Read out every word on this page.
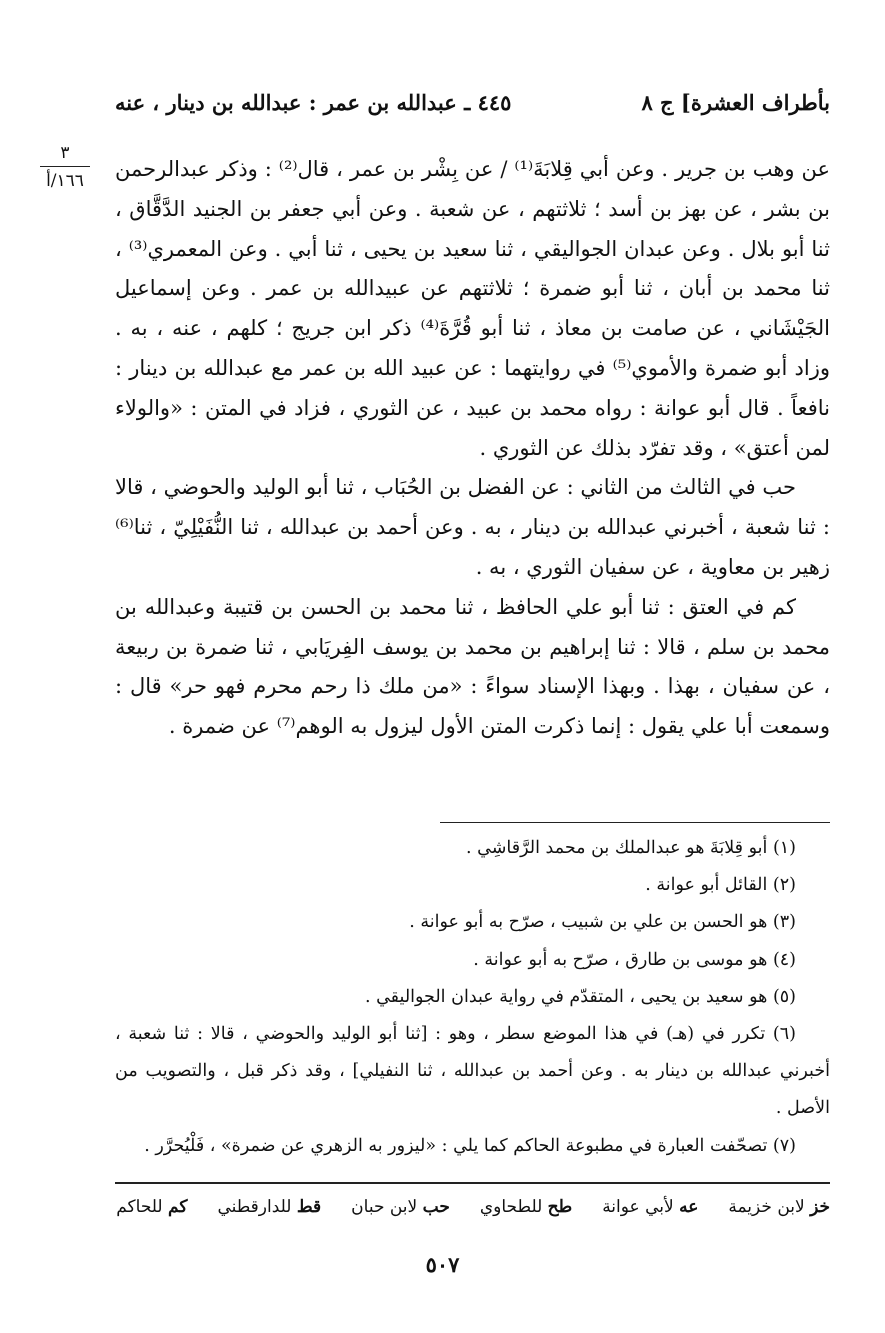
بأطراف العشرة] ج ٨
٤٤٥ ـ عبدالله بن عمر : عبدالله بن دينار ، عنه
٣
١٦٦/أ	عن وهب بن جرير . وعن أبي قِلابَةَ⁽¹⁾ / عن بِشْر بن عمر ، قال⁽²⁾ : وذكر عبدالرحمن بن بشر ، عن بهز بن أسد ؛ ثلاثتهم ، عن شعبة . وعن أبي جعفر بن الجنيد الدَّقَّاق ، ثنا أبو بلال . وعن عبدان الجواليقي ، ثنا سعيد بن يحيى ، ثنا أبي . وعن المعمري⁽³⁾ ، ثنا محمد بن أبان ، ثنا أبو ضمرة ؛ ثلاثتهم عن عبيدالله بن عمر . وعن إسماعيل الجَيْشَاني ، عن صامت بن معاذ ، ثنا أبو قُرَّةَ⁽⁴⁾ ذكر ابن جريج ؛ كلهم ، عنه ، به . وزاد أبو ضمرة والأموي⁽⁵⁾ في روايتهما : عن عبيد الله بن عمر مع عبدالله بن دينار : نافعاً . قال أبو عوانة : رواه محمد بن عبيد ، عن الثوري ، فزاد في المتن : «والولاء لمن أعتق» ، وقد تفرّد بذلك عن الثوري .

حب في الثالث من الثاني : عن الفضل بن الحُبَاب ، ثنا أبو الوليد والحوضي ، قالا : ثنا شعبة ، أخبرني عبدالله بن دينار ، به . وعن أحمد بن عبدالله ، ثنا النُّفَيْلِيّ ، ثنا⁽⁶⁾ زهير بن معاوية ، عن سفيان الثوري ، به .

كم في العتق : ثنا أبو علي الحافظ ، ثنا محمد بن الحسن بن قتيبة وعبدالله بن محمد بن سلم ، قالا : ثنا إبراهيم بن محمد بن يوسف الفِريَابي ، ثنا ضمرة بن ربيعة ، عن سفيان ، بهذا . وبهذا الإسناد سواءً : «من ملك ذا رحم محرم فهو حر» قال : وسمعت أبا علي يقول : إنما ذكرت المتن الأول ليزول به الوهم⁽⁷⁾ عن ضمرة .

(١) أبو قِلابَةَ هو عبدالملك بن محمد الرَّقاشِي .

(٢) القائل أبو عوانة .

(٣) هو الحسن بن علي بن شبيب ، صرّح به أبو عوانة .

(٤) هو موسى بن طارق ، صرّح به أبو عوانة .

(٥) هو سعيد بن يحيى ، المتقدّم في رواية عبدان الجواليقي .

(٦) تكرر في (هـ) في هذا الموضع سطر ، وهو : [ثنا أبو الوليد والحوضي ، قالا : ثنا شعبة ، أخبرني عبدالله بن دينار به . وعن أحمد بن عبدالله ، ثنا النفيلي] ، وقد ذكر قبل ، والتصويب من الأصل .

(٧) تصحّفت العبارة في مطبوعة الحاكم كما يلي : «ليزور به الزهري عن ضمرة» ، فَلْيُحرَّر .

خز لابن خزيمة
عه لأبي عوانة
طح للطحاوي
حب لابن حبان
قط للدارقطني
كم للحاكم
٥٠٧
